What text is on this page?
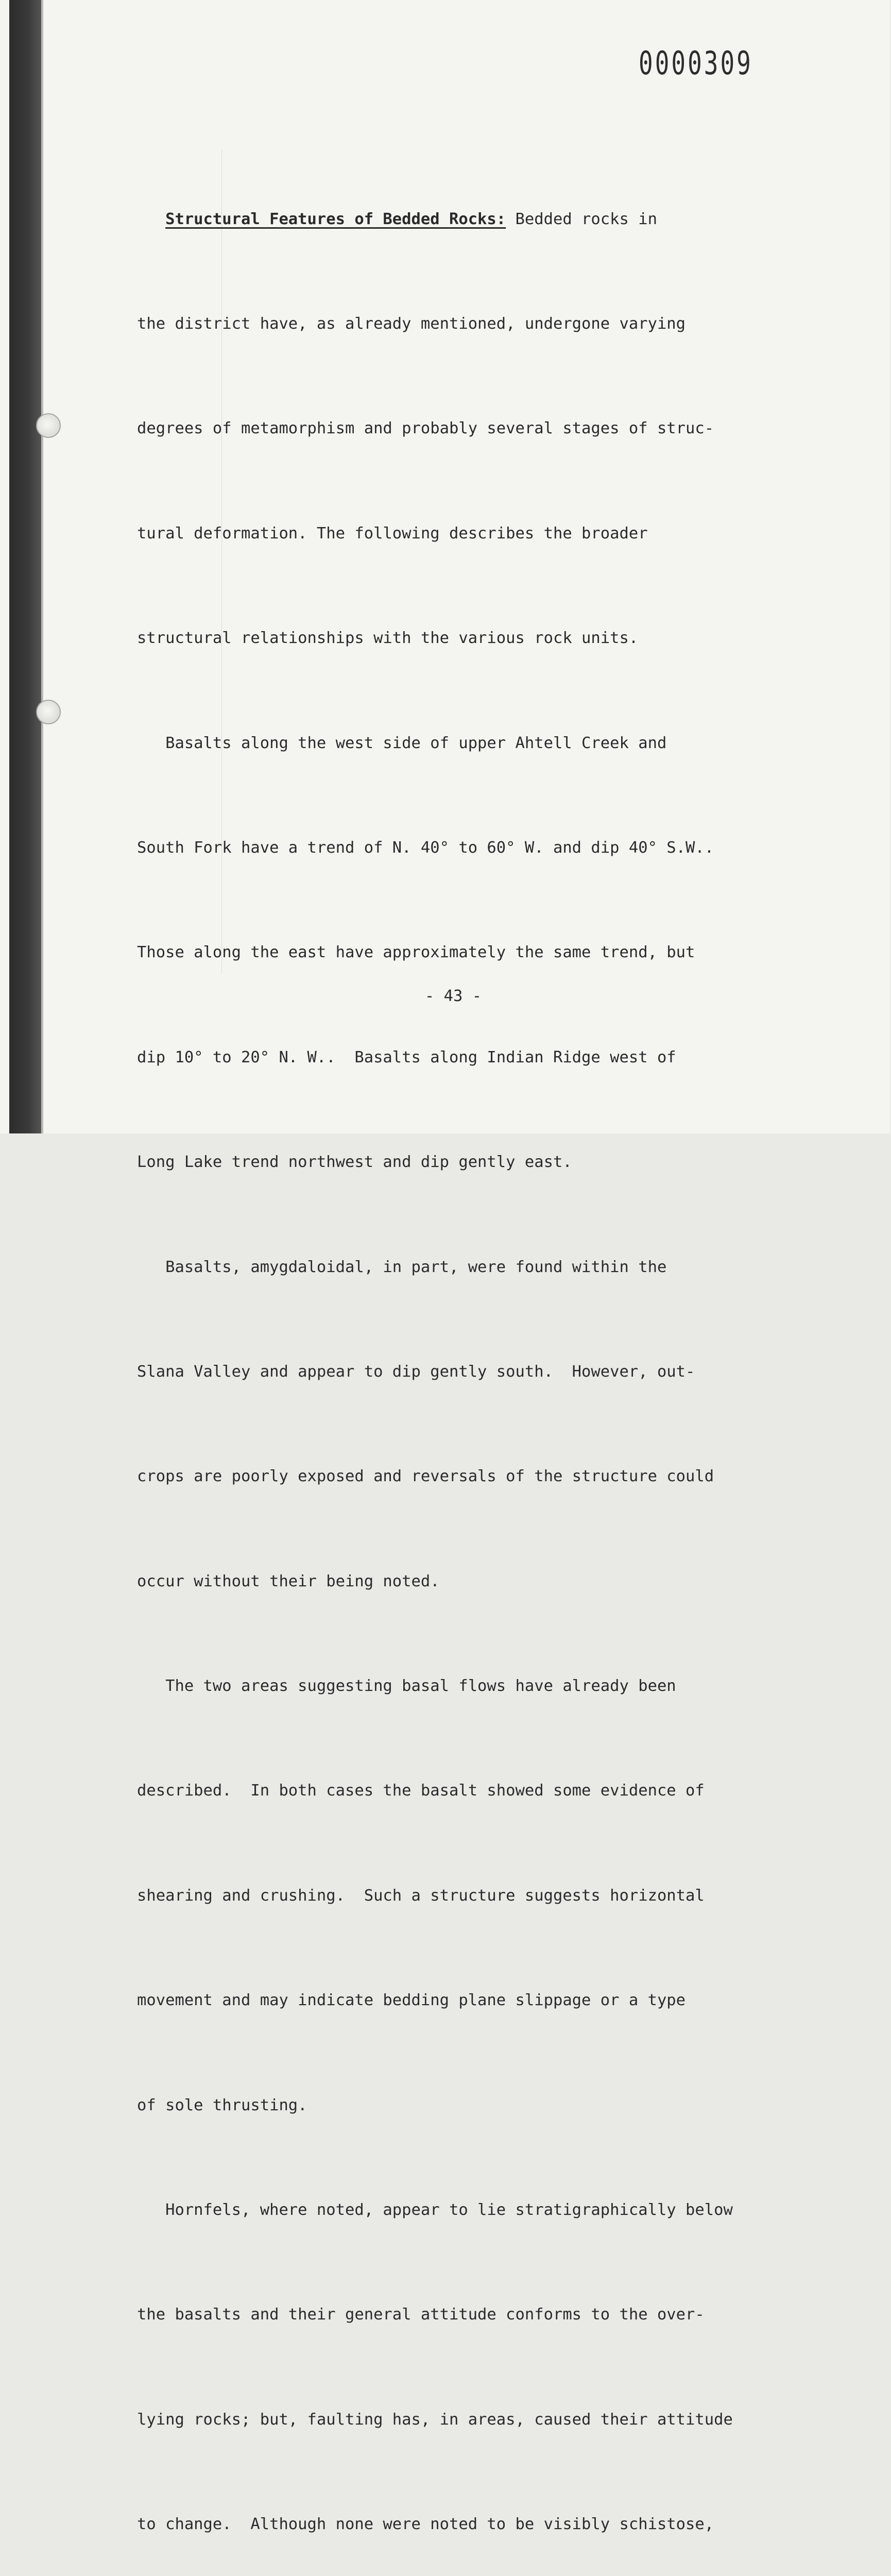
0000309

Structural Features of Bedded Rocks: Bedded rocks in

the district have, as already mentioned, undergone varying

degrees of metamorphism and probably several stages of struc-

tural deformation. The following describes the broader

structural relationships with the various rock units.

Basalts along the west side of upper Ahtell Creek and

South Fork have a trend of N. 40° to 60° W. and dip 40° S.W..

Those along the east have approximately the same trend, but

dip 10° to 20° N. W..  Basalts along Indian Ridge west of

Long Lake trend northwest and dip gently east.

Basalts, amygdaloidal, in part, were found within the

Slana Valley and appear to dip gently south.  However, out-

crops are poorly exposed and reversals of the structure could

occur without their being noted.

The two areas suggesting basal flows have already been

described.  In both cases the basalt showed some evidence of

shearing and crushing.  Such a structure suggests horizontal

movement and may indicate bedding plane slippage or a type

of sole thrusting.

Hornfels, where noted, appear to lie stratigraphically below

the basalts and their general attitude conforms to the over-

lying rocks; but, faulting has, in areas, caused their attitude

to change.  Although none were noted to be visibly schistose,

- 43 -
